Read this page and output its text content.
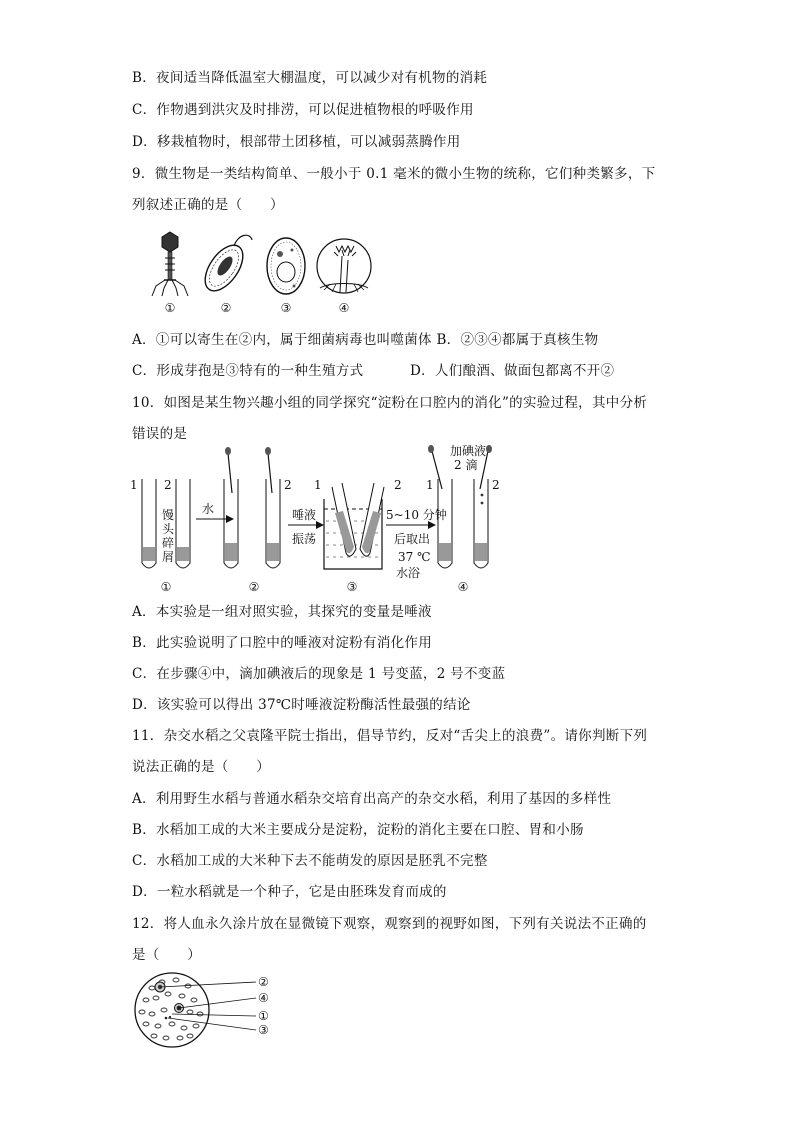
B．夜间适当降低温室大棚温度，可以减少对有机物的消耗
C．作物遇到洪灾及时排涝，可以促进植物根的呼吸作用
D．移栽植物时，根部带土团移植，可以减弱蒸腾作用
9．微生物是一类结构简单、一般小于 0.1 毫米的微小生物的统称，它们种类繁多，下
列叙述正确的是（　　）
①	②	③	④
A．①可以寄生在②内，属于细菌病毒也叫噬菌体 B．②③④都属于真核生物
C．形成芽孢是③特有的一种生殖方式	D．人们酿酒、做面包都离不开②
10．如图是某生物兴趣小组的同学探究“淀粉在口腔内的消化”的实验过程，其中分析
错误的是
1
馒
头
碎
屑
2
①
水
2
②
唾液
振荡
1	2
③
5~10 分钟
后取出
37 ℃
水浴
加碘液
2 滴
1	2
④
A．本实验是一组对照实验，其探究的变量是唾液
B．此实验说明了口腔中的唾液对淀粉有消化作用
C．在步骤④中，滴加碘液后的现象是 1 号变蓝，2 号不变蓝
D．该实验可以得出 37℃时唾液淀粉酶活性最强的结论
11．杂交水稻之父袁隆平院士指出，倡导节约，反对“舌尖上的浪费”。请你判断下列
说法正确的是（　　）
A．利用野生水稻与普通水稻杂交培育出高产的杂交水稻，利用了基因的多样性
B．水稻加工成的大米主要成分是淀粉，淀粉的消化主要在口腔、胃和小肠
C．水稻加工成的大米种下去不能萌发的原因是胚乳不完整
D．一粒水稻就是一个种子，它是由胚珠发育而成的
12．将人血永久涂片放在显微镜下观察，观察到的视野如图，下列有关说法不正确的
是（　　）
②
④
①
③
